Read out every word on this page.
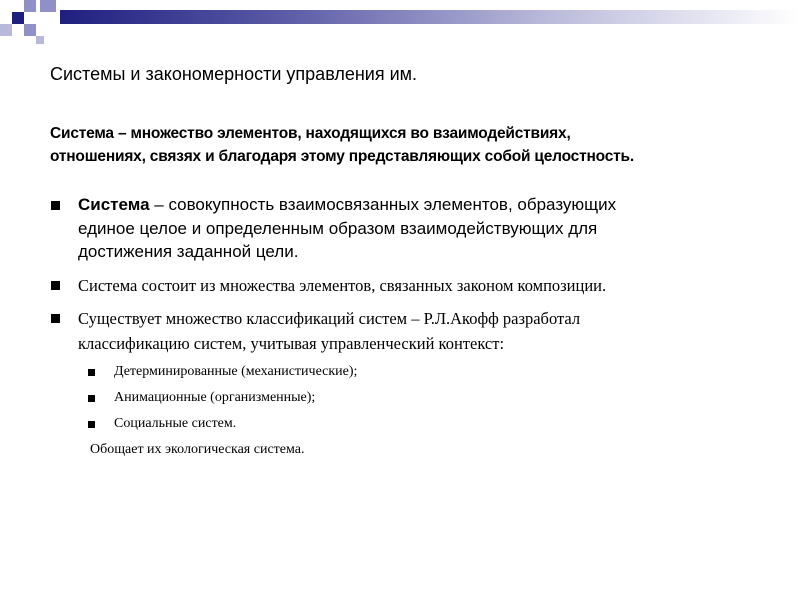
Системы и закономерности управления им.

Система – множество элементов, находящихся во взаимодействиях,

отношениях, связях и благодаря этому представляющих собой целостность.

Система – совокупность взаимосвязанных элементов, образующих
единое целое и определенным образом взаимодействующих для
достижения заданной цели.
Система состоит из множества элементов, связанных законом композиции.
Существует множество классификаций систем – Р.Л.Акофф разработал
классификацию систем, учитывая управленческий контекст:
Детерминированные (механистические);
Анимационные (организменные);
Социальные систем.
Обощает их экологическая система.
